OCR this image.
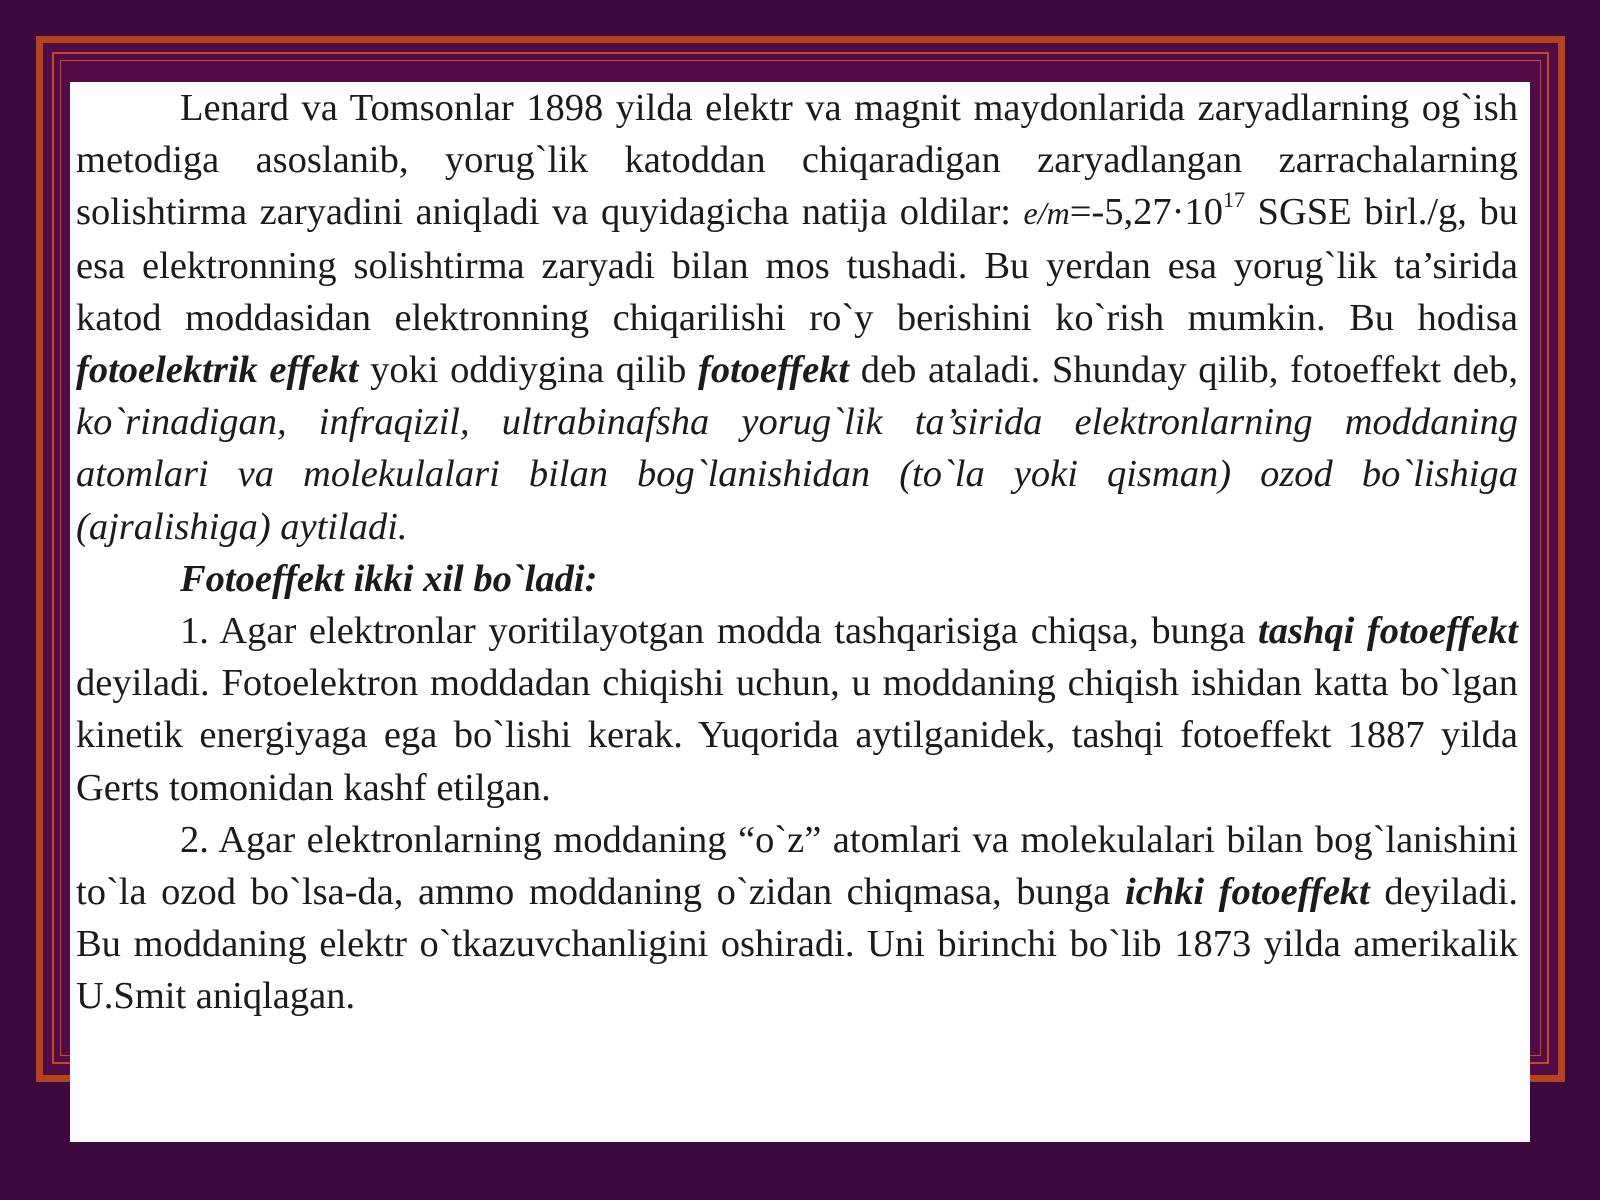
Lenard va Tomsonlar 1898 yilda elektr va magnit maydonlarida zaryadlarning og`ish metodiga asoslanib, yorug`lik katoddan chiqaradigan zaryadlangan zarrachalarning solishtirma zaryadini aniqladi va quyidagicha natija oldilar: $e/m=-5,27\cdot 10^{17}$ SGSE birl./g, bu esa elektronning solishtirma zaryadi bilan mos tushadi. Bu yerdan esa yorug`lik ta’sirida katod moddasidan elektronning chiqarilishi ro`y berishini ko`rish mumkin. Bu hodisa fotoelektrik effekt yoki oddiygina qilib fotoeffekt deb ataladi. Shunday qilib, fotoeffekt deb, ko`rinadigan, infraqizil, ultrabinafsha yorug`lik ta’sirida elektronlarning moddaning atomlari va molekulalari bilan bog`lanishidan (to`la yoki qisman) ozod bo`lishiga (ajralishiga) aytiladi.

Fotoeffekt ikki xil bo`ladi:

1. Agar elektronlar yoritilayotgan modda tashqarisiga chiqsa, bunga tashqi fotoeffekt deyiladi. Fotoelektron moddadan chiqishi uchun, u moddaning chiqish ishidan katta bo`lgan kinetik energiyaga ega bo`lishi kerak. Yuqorida aytilganidek, tashqi fotoeffekt 1887 yilda Gerts tomonidan kashf etilgan.

2. Agar elektronlarning moddaning “o`z” atomlari va molekulalari bilan bog`lanishini to`la ozod bo`lsa-da, ammo moddaning o`zidan chiqmasa, bunga ichki fotoeffekt deyiladi. Bu moddaning elektr o`tkazuvchanligini oshiradi. Uni birinchi bo`lib 1873 yilda amerikalik U.Smit aniqlagan.
